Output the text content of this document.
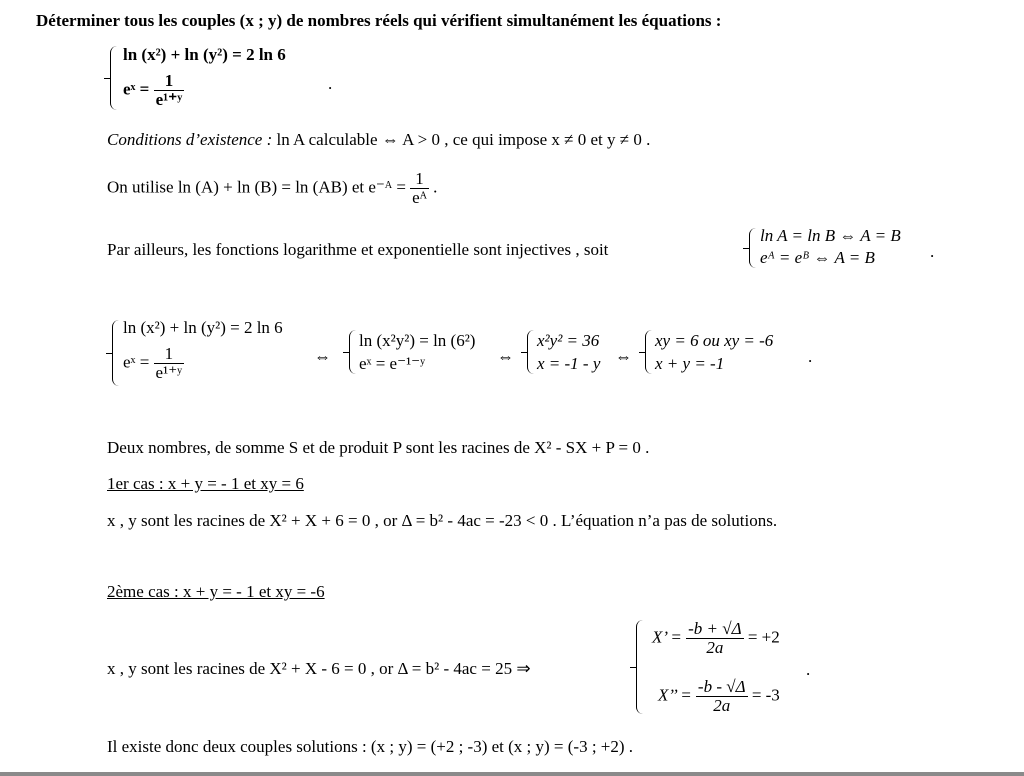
Déterminer tous les couples (x ; y) de nombres réels qui vérifient simultanément les équations :
ln (x²) + ln (y²) = 2 ln 6
eˣ = $\frac{1}{\text{e¹⁺ʸ}}$	.
Conditions d’existence : ln A calculable ⇔ A > 0 , ce qui impose x ≠ 0 et y ≠ 0 .
On utilise ln (A) + ln (B) = ln (AB) et e⁻ᴬ = $\frac{1}{\text{eᴬ}}$ .
Par ailleurs, les fonctions logarithme et exponentielle sont injectives , soit
ln A = ln B ⇔ A = B
eᴬ = eᴮ ⇔ A = B	.
ln (x²) + ln (y²) = 2 ln 6
eˣ = $\frac{1}{\text{e¹⁺ʸ}}$	⇔
ln (x²y²) = ln (6²)
eˣ = e⁻¹⁻ʸ	⇔
x²y² = 36
x = -1 - y ⇔
xy = 6 ou xy = -6
x + y = -1	.
Deux nombres, de somme S et de produit P sont les racines de X² - SX + P = 0 .
1er cas : x + y = - 1 et xy = 6
x , y sont les racines de X² + X + 6 = 0 , or Δ = b² - 4ac = -23 < 0 . L’équation n’a pas de solutions.
2ème cas : x + y = - 1 et xy = -6
x , y sont les racines de X² + X - 6 = 0 , or Δ = b² - 4ac = 25 ⇒
X’ = $\frac{-b + √\Delta}{2a} = +2$
X’’ = $\frac{-b - √\Delta}{2a} = -3$
.
Il existe donc deux couples solutions : (x ; y) = (+2 ; -3) et (x ; y) = (-3 ; +2) .
